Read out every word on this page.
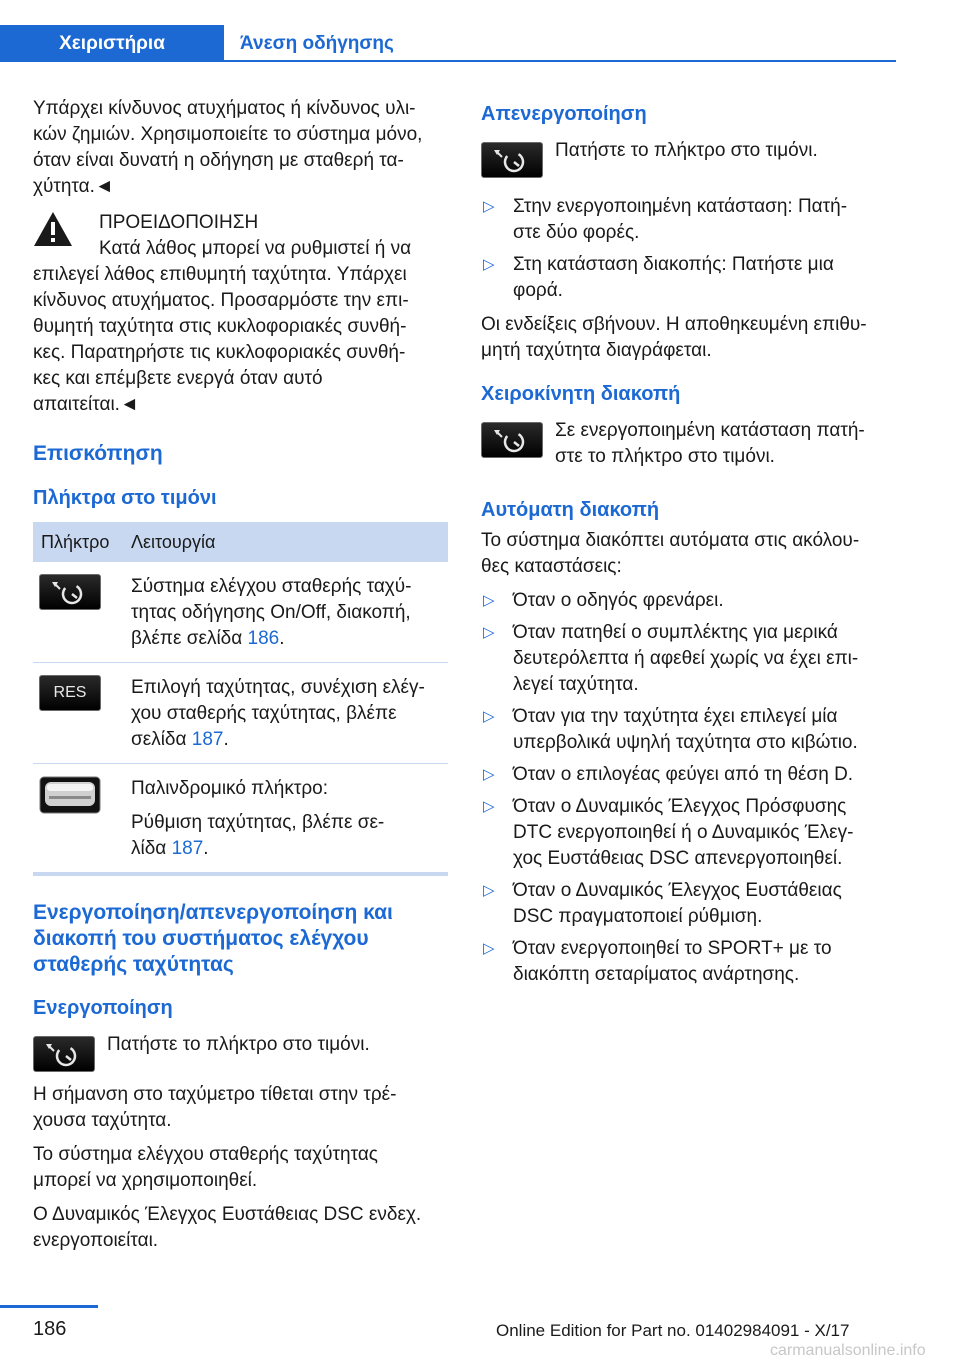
Χειριστήρια	Άνεση οδήγησης

Υπάρχει κίνδυνος ατυχήματος ή κίνδυνος υλι-
κών ζημιών. Χρησιμοποιείτε το σύστημα μόνο,
όταν είναι δυνατή η οδήγηση με σταθερή τα-
χύτητα.◄

ΠΡΟΕΙΔΟΠΟΙΗΣΗ
Κατά λάθος μπορεί να ρυθμιστεί ή να
επιλεγεί λάθος επιθυμητή ταχύτητα. Υπάρχει
κίνδυνος ατυχήματος. Προσαρμόστε την επι-
θυμητή ταχύτητα στις κυκλοφοριακές συνθή-
κες. Παρατηρήστε τις κυκλοφοριακές συνθή-
κες και επέμβετε ενεργά όταν αυτό
απαιτείται.◄
Επισκόπηση
Πλήκτρα στο τιμόνι
Πλήκτρο	Λειτουργία
Σύστημα ελέγχου σταθερής ταχύ-
τητας οδήγησης On/Off, διακοπή,
βλέπε σελίδα 186.
RES	Επιλογή ταχύτητας, συνέχιση ελέγ-
χου σταθερής ταχύτητας, βλέπε
σελίδα 187.

Παλινδρομικό πλήκτρο:

Ρύθμιση ταχύτητας, βλέπε σε-
λίδα 187.
Ενεργοποίηση/απενεργοποίηση και
διακοπή του συστήματος ελέγχου
σταθερής ταχύτητας
Ενεργοποίηση
Πατήστε το πλήκτρο στο τιμόνι.

Η σήμανση στο ταχύμετρο τίθεται στην τρέ-
χουσα ταχύτητα.

Το σύστημα ελέγχου σταθερής ταχύτητας
μπορεί να χρησιμοποιηθεί.

Ο Δυναμικός Έλεγχος Ευστάθειας DSC ενδεχ.
ενεργοποιείται.

Απενεργοποίηση
Πατήστε το πλήκτρο στο τιμόνι.
▷ Στην ενεργοποιημένη κατάσταση: Πατή-
στε δύο φορές.
▷ Στη κατάσταση διακοπής: Πατήστε μια
φορά.

Οι ενδείξεις σβήνουν. Η αποθηκευμένη επιθυ-
μητή ταχύτητα διαγράφεται.

Χειροκίνητη διακοπή
Σε ενεργοποιημένη κατάσταση πατή-
στε το πλήκτρο στο τιμόνι.
Αυτόματη διακοπή

Το σύστημα διακόπτει αυτόματα στις ακόλου-
θες καταστάσεις:

▷ Όταν ο οδηγός φρενάρει.
▷ Όταν πατηθεί ο συμπλέκτης για μερικά
δευτερόλεπτα ή αφεθεί χωρίς να έχει επι-
λεγεί ταχύτητα.
▷ Όταν για την ταχύτητα έχει επιλεγεί μία
υπερβολικά υψηλή ταχύτητα στο κιβώτιο.
▷ Όταν ο επιλογέας φεύγει από τη θέση D.
▷ Όταν ο Δυναμικός Έλεγχος Πρόσφυσης
DTC ενεργοποιηθεί ή ο Δυναμικός Έλεγ-
χος Ευστάθειας DSC απενεργοποιηθεί.
▷ Όταν ο Δυναμικός Έλεγχος Ευστάθειας
DSC πραγματοποιεί ρύθμιση.
▷ Όταν ενεργοποιηθεί το SPORT+ με το
διακόπτη σεταρίματος ανάρτησης.
186	Online Edition for Part no. 01402984091 - X/17
carmanualsonline.info
